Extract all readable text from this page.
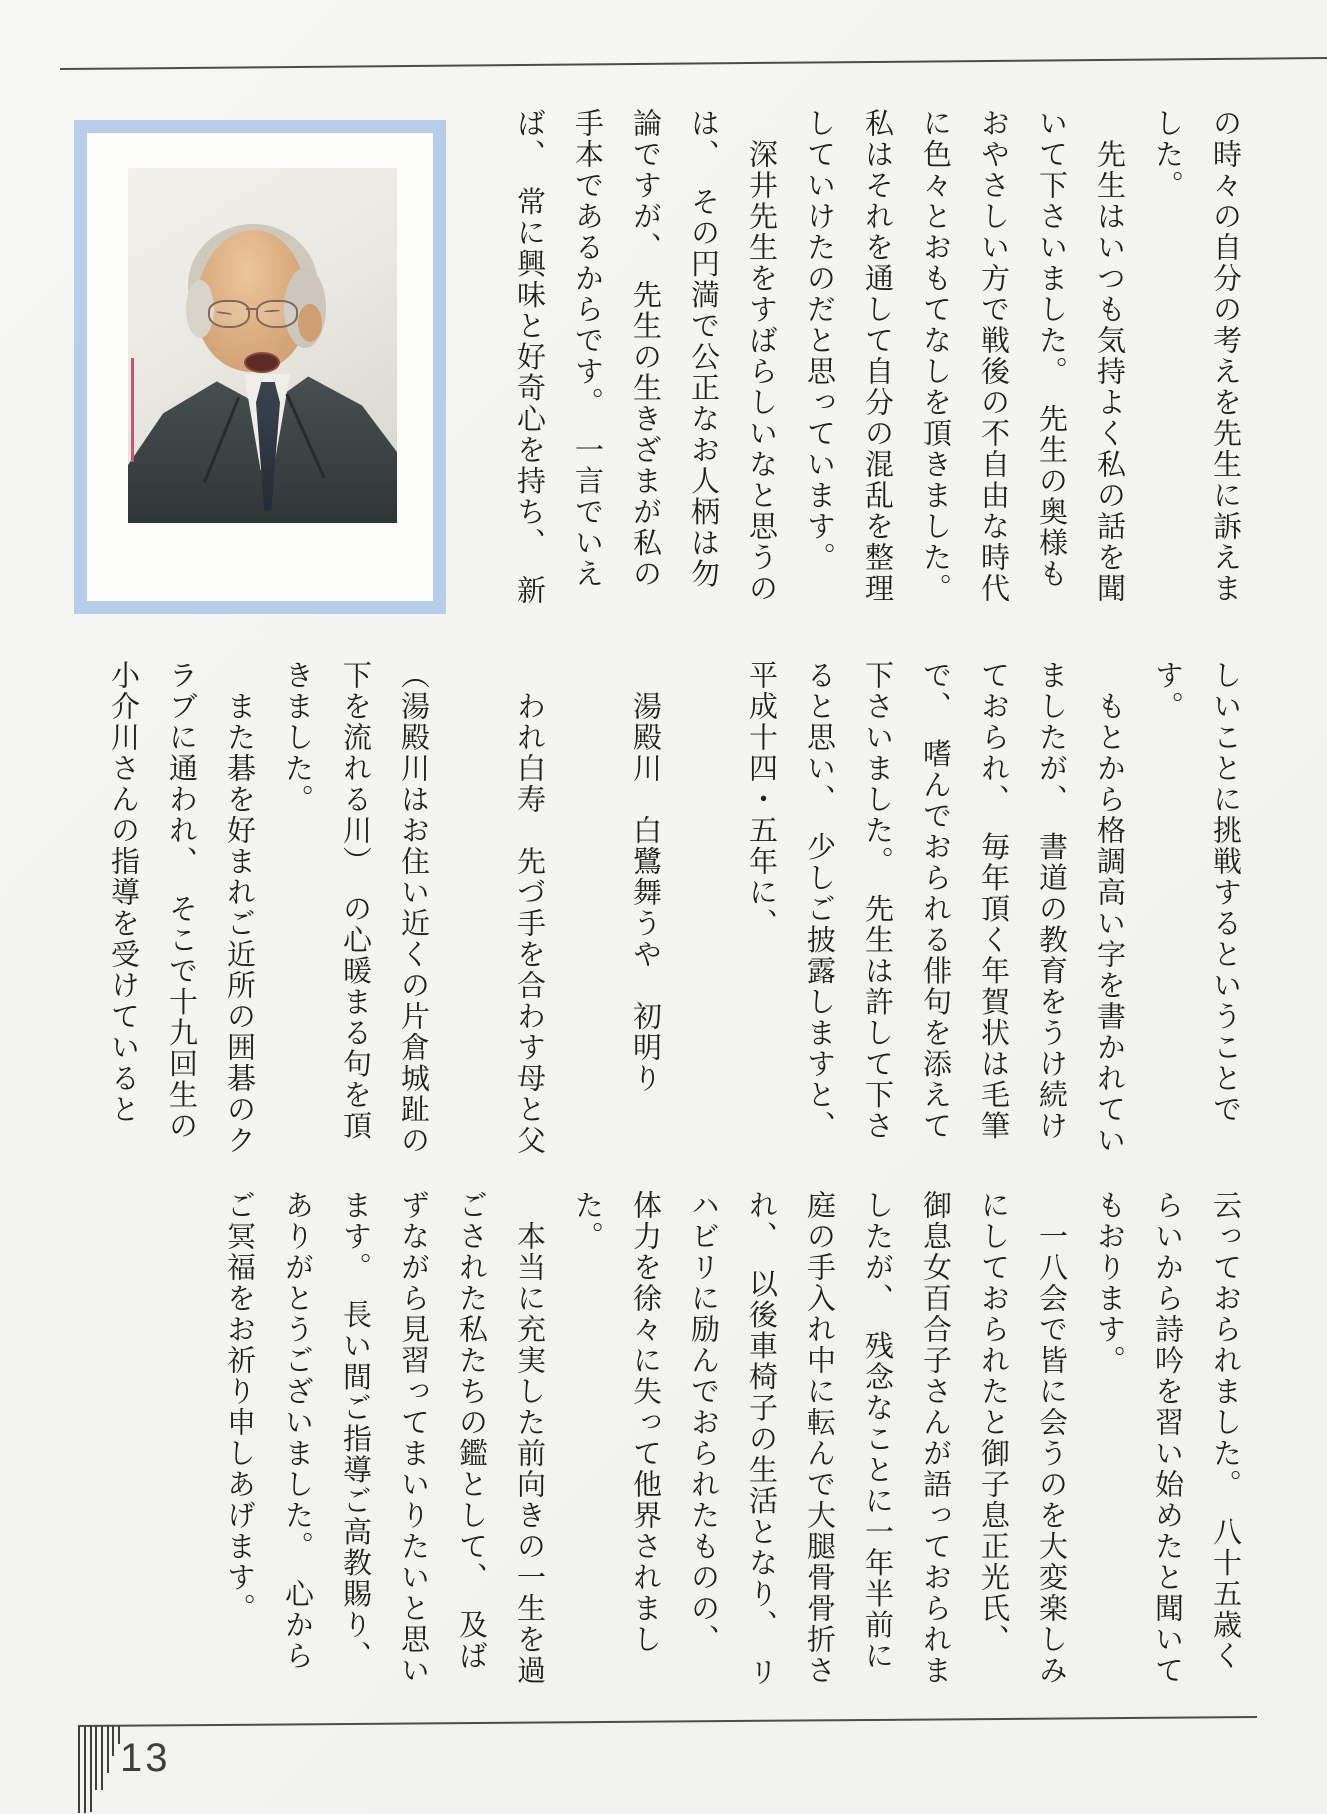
の時々の自分の考えを先生に訴えま

した。

　先生はいつも気持よく私の話を聞

いて下さいました。　先生の奥様も

おやさしい方で戦後の不自由な時代

に色々とおもてなしを頂きました。

私はそれを通して自分の混乱を整理

していけたのだと思っています。

　深井先生をすばらしいなと思うの

は、　その円満で公正なお人柄は勿

論ですが、　先生の生きざまが私の

手本であるからです。　一言でいえ

ば、　常に興味と好奇心を持ち、　新

しいことに挑戦するということで

す。

　もとから格調高い字を書かれてい

ましたが、　書道の教育をうけ続け

ておられ、　毎年頂く年賀状は毛筆

で、　嗜んでおられる俳句を添えて

下さいました。　先生は許して下さ

ると思い、　少しご披露しますと、

平成十四・五年に、

　湯殿川　白鷺舞うや　初明り

　われ白寿　先づ手を合わす母と父

（湯殿川はお住い近くの片倉城趾の

下を流れる川）　の心暖まる句を頂

きました。

　また碁を好まれご近所の囲碁のク

ラブに通われ、　そこで十九回生の

小介川さんの指導を受けていると

云っておられました。　八十五歳く

らいから詩吟を習い始めたと聞いて

もおります。

　一八会で皆に会うのを大変楽しみ

にしておられたと御子息正光氏、

御息女百合子さんが語っておられま

したが、　残念なことに一年半前に

庭の手入れ中に転んで大腿骨骨折さ

れ、　以後車椅子の生活となり、　リ

ハビリに励んでおられたものの、

体力を徐々に失って他界されまし

た。

　本当に充実した前向きの一生を過

ごされた私たちの鑑として、　及ば

ずながら見習ってまいりたいと思い

ます。　長い間ご指導ご高教賜り、

ありがとうございました。　心から

ご冥福をお祈り申しあげます。

13
